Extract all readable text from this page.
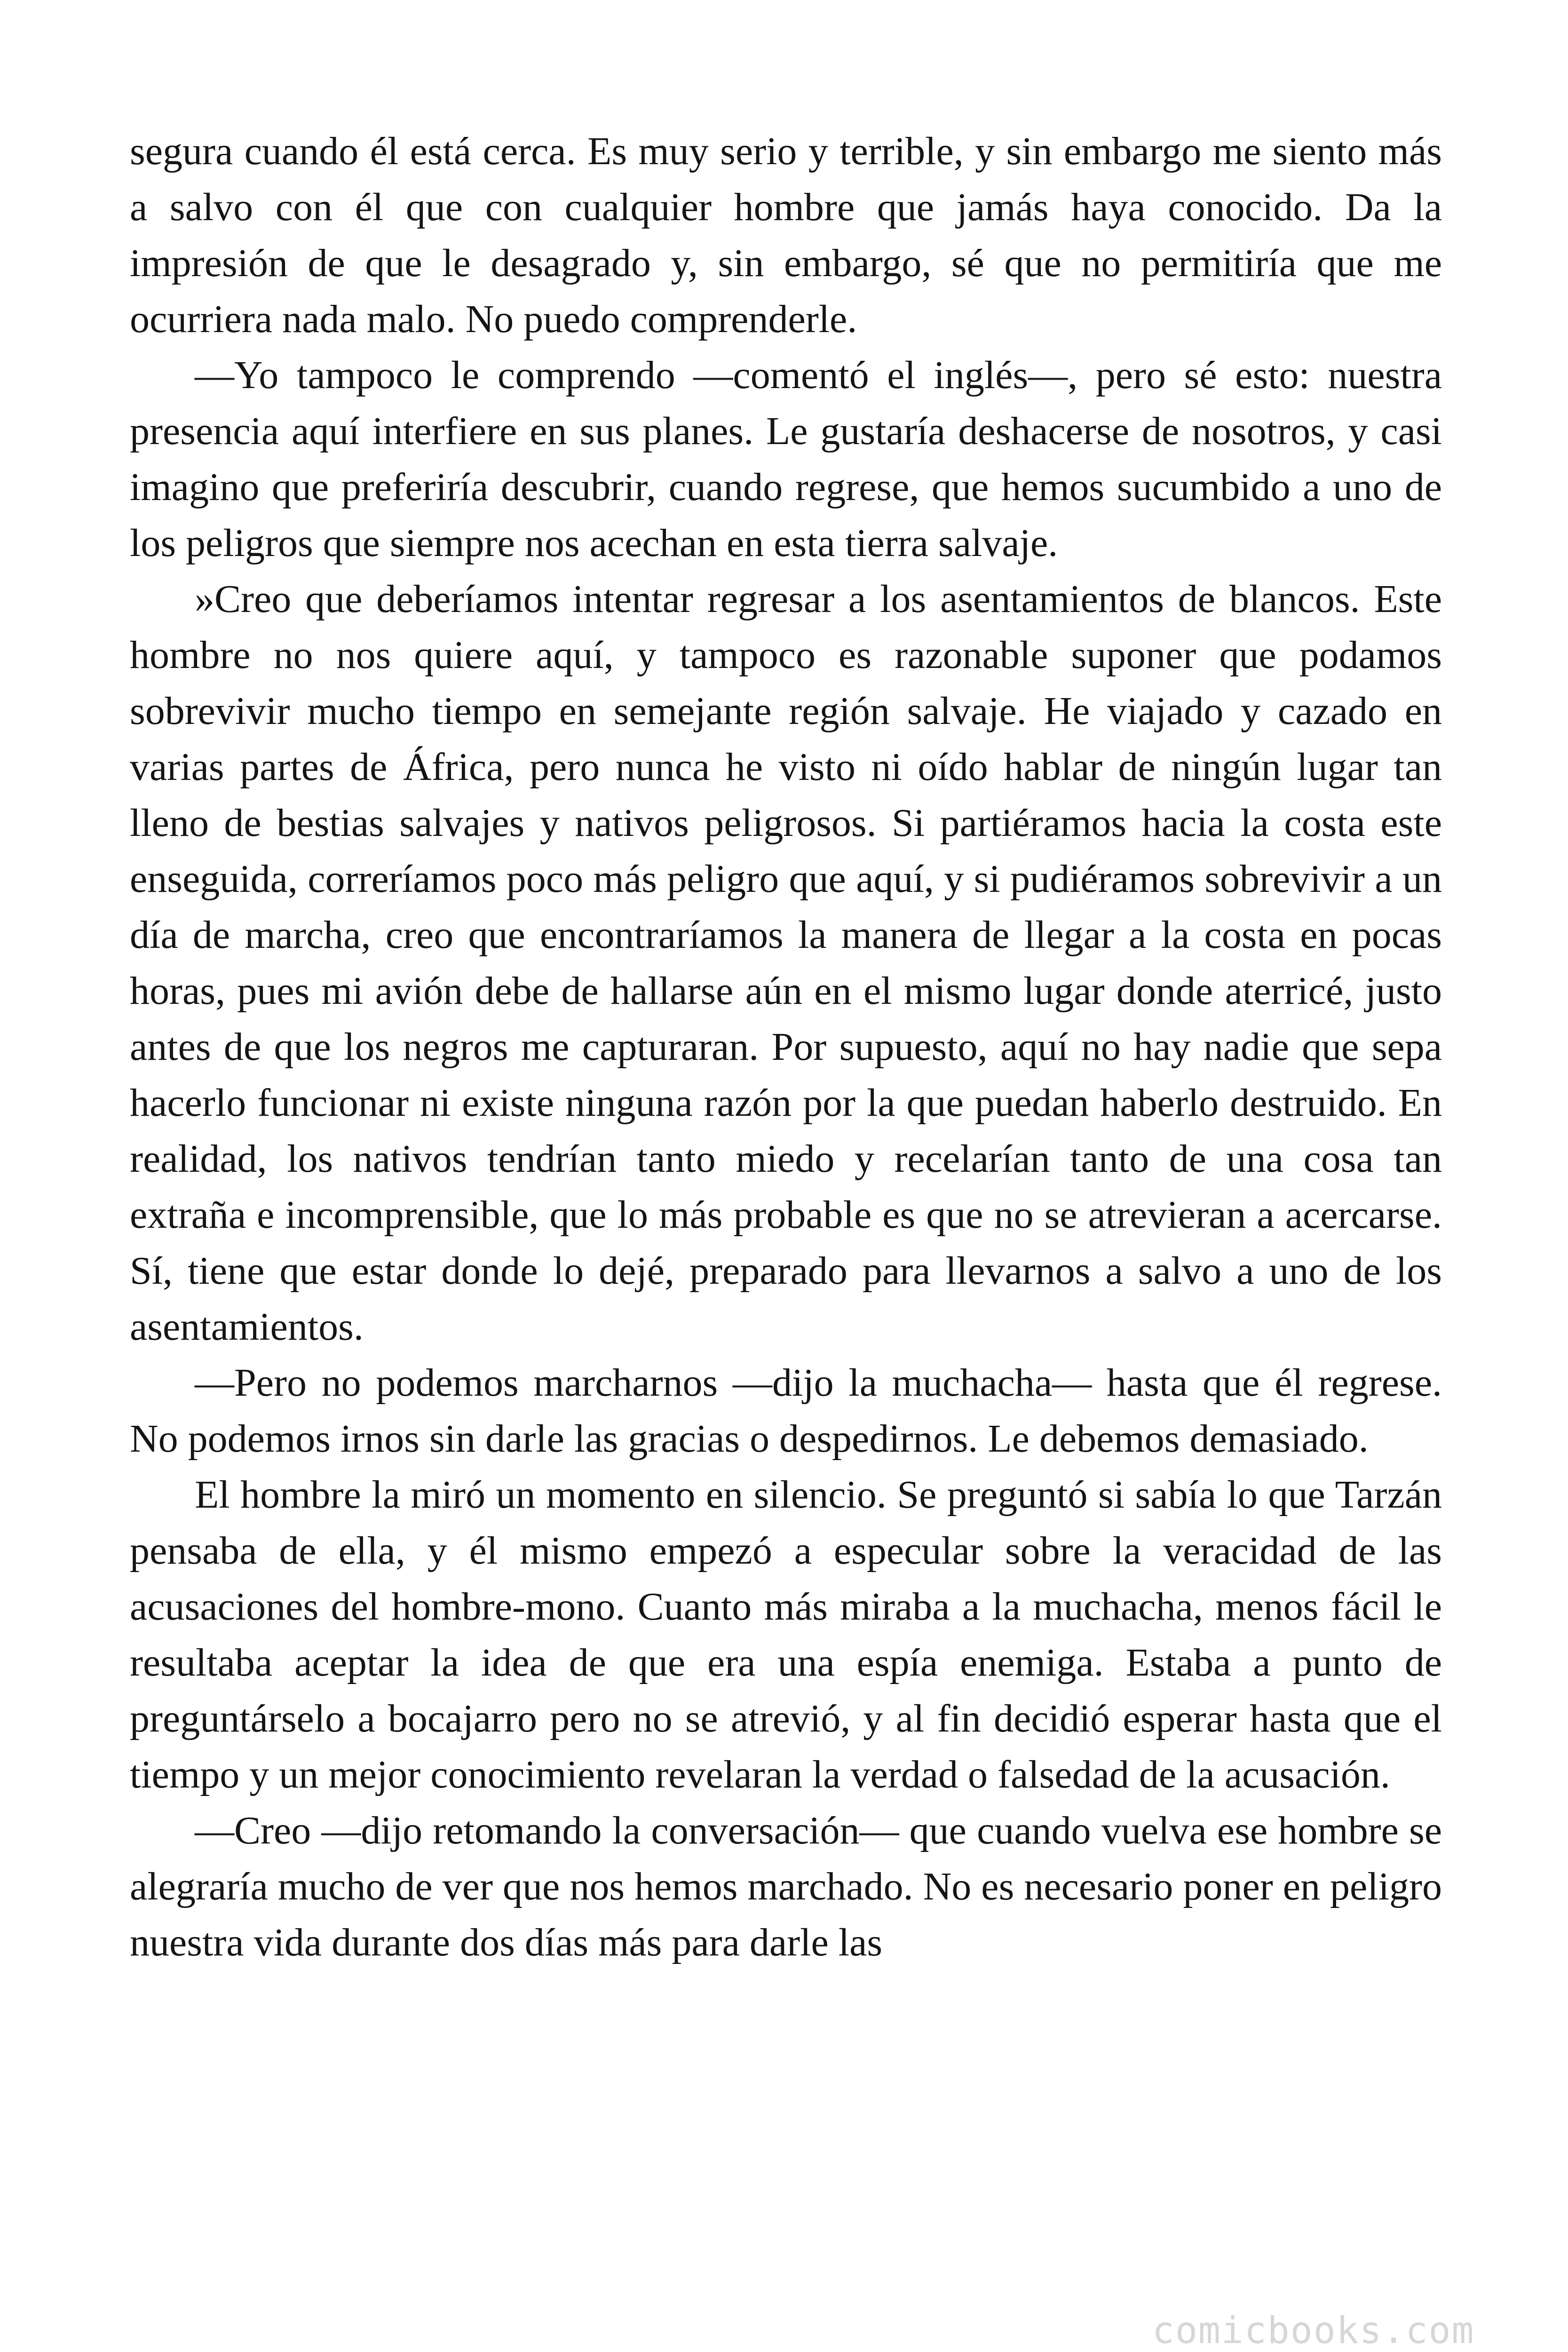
segura cuando él está cerca. Es muy serio y terrible, y sin embargo me siento más a salvo con él que con cualquier hombre que jamás haya conocido. Da la impresión de que le desagrado y, sin embargo, sé que no permitiría que me ocurriera nada malo. No puedo comprenderle.

—Yo tampoco le comprendo —comentó el inglés—, pero sé esto: nuestra presencia aquí interfiere en sus planes. Le gustaría deshacerse de nosotros, y casi imagino que preferiría descubrir, cuando regrese, que hemos sucumbido a uno de los peligros que siempre nos acechan en esta tierra salvaje.

»Creo que deberíamos intentar regresar a los asentamientos de blancos. Este hombre no nos quiere aquí, y tampoco es razonable suponer que podamos sobrevivir mucho tiempo en semejante región salvaje. He viajado y cazado en varias partes de África, pero nunca he visto ni oído hablar de ningún lugar tan lleno de bestias salvajes y nativos peligrosos. Si partiéramos hacia la costa este enseguida, correríamos poco más peligro que aquí, y si pudiéramos sobrevivir a un día de marcha, creo que encontraríamos la manera de llegar a la costa en pocas horas, pues mi avión debe de hallarse aún en el mismo lugar donde aterricé, justo antes de que los negros me capturaran. Por supuesto, aquí no hay nadie que sepa hacerlo funcionar ni existe ninguna razón por la que puedan haberlo destruido. En realidad, los nativos tendrían tanto miedo y recelarían tanto de una cosa tan extraña e incomprensible, que lo más probable es que no se atrevieran a acercarse. Sí, tiene que estar donde lo dejé, preparado para llevarnos a salvo a uno de los asentamientos.

—Pero no podemos marcharnos —dijo la muchacha— hasta que él regrese. No podemos irnos sin darle las gracias o despedirnos. Le debemos demasiado.

El hombre la miró un momento en silencio. Se preguntó si sabía lo que Tarzán pensaba de ella, y él mismo empezó a especular sobre la veracidad de las acusaciones del hombre-mono. Cuanto más miraba a la muchacha, menos fácil le resultaba aceptar la idea de que era una espía enemiga. Estaba a punto de preguntárselo a bocajarro pero no se atrevió, y al fin decidió esperar hasta que el tiempo y un mejor conocimiento revelaran la verdad o falsedad de la acusación.

—Creo —dijo retomando la conversación— que cuando vuelva ese hombre se alegraría mucho de ver que nos hemos marchado. No es necesario poner en peligro nuestra vida durante dos días más para darle las

comicbooks.com
